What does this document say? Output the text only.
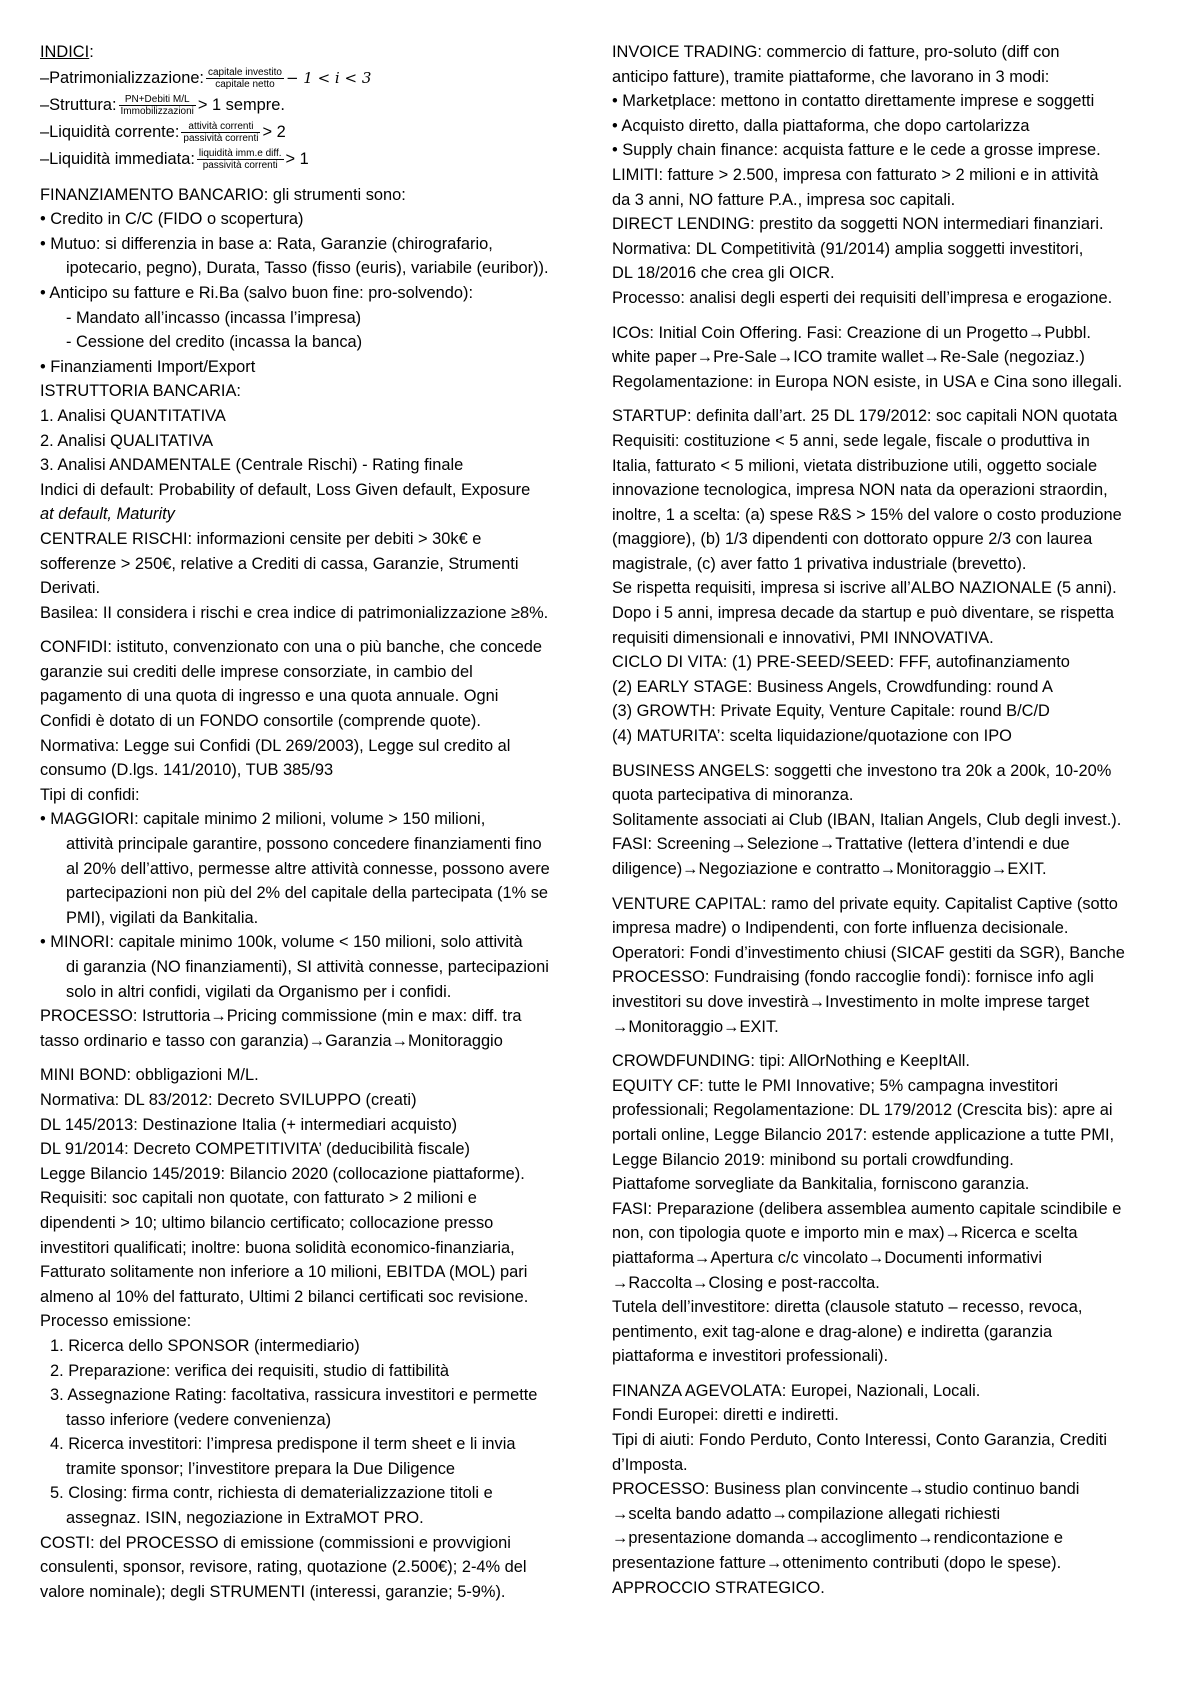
INDICI:
–Patrimonializzazione: $\frac{\text{capitale investito}}{\text{capitale netto}} - 1 < i < 3$
–Struttura: $\frac{\text{PN+Debiti M/L}}{\text{Immobilizzazioni}} > 1$ sempre.
–Liquidità corrente: $\frac{\text{attività correnti}}{\text{passività correnti}} > 2$
–Liquidità immediata: $\frac{\text{liquidità imm.e diff.}}{\text{passività correnti}} > 1$
FINANZIAMENTO BANCARIO: gli strumenti sono:
• Credito in C/C (FIDO o scopertura)
• Mutuo: si differenzia in base a: Rata, Garanzie (chirografario,
ipotecario, pegno), Durata, Tasso (fisso (euris), variabile (euribor)).
• Anticipo su fatture e Ri.Ba (salvo buon fine: pro-solvendo):
- Mandato all’incasso (incassa l’impresa)
- Cessione del credito (incassa la banca)
• Finanziamenti Import/Export
ISTRUTTORIA BANCARIA:
1. Analisi QUANTITATIVA
2. Analisi QUALITATIVA
3. Analisi ANDAMENTALE (Centrale Rischi) - Rating finale
Indici di default: Probability of default, Loss Given default, Exposure
at default, Maturity
CENTRALE RISCHI: informazioni censite per debiti > 30k€ e
sofferenze > 250€, relative a Crediti di cassa, Garanzie, Strumenti
Derivati.
Basilea: II considera i rischi e crea indice di patrimonializzazione ≥8%.
CONFIDI: istituto, convenzionato con una o più banche, che concede
garanzie sui crediti delle imprese consorziate, in cambio del
pagamento di una quota di ingresso e una quota annuale. Ogni
Confidi è dotato di un FONDO consortile (comprende quote).
Normativa: Legge sui Confidi (DL 269/2003), Legge sul credito al
consumo (D.lgs. 141/2010), TUB 385/93
Tipi di confidi:
• MAGGIORI: capitale minimo 2 milioni, volume > 150 milioni,
attività principale garantire, possono concedere finanziamenti fino
al 20% dell’attivo, permesse altre attività connesse, possono avere
partecipazioni non più del 2% del capitale della partecipata (1% se
PMI), vigilati da Bankitalia.
• MINORI: capitale minimo 100k, volume < 150 milioni, solo attività
di garanzia (NO finanziamenti), SI attività connesse, partecipazioni
solo in altri confidi, vigilati da Organismo per i confidi.
PROCESSO: Istruttoria→Pricing commissione (min e max: diff. tra
tasso ordinario e tasso con garanzia)→Garanzia→Monitoraggio
MINI BOND: obbligazioni M/L.
Normativa: DL 83/2012: Decreto SVILUPPO (creati)
DL 145/2013: Destinazione Italia (+ intermediari acquisto)
DL 91/2014: Decreto COMPETITIVITA’ (deducibilità fiscale)
Legge Bilancio 145/2019: Bilancio 2020 (collocazione piattaforme).
Requisiti: soc capitali non quotate, con fatturato > 2 milioni e
dipendenti > 10; ultimo bilancio certificato; collocazione presso
investitori qualificati; inoltre: buona solidità economico-finanziaria,
Fatturato solitamente non inferiore a 10 milioni, EBITDA (MOL) pari
almeno al 10% del fatturato, Ultimi 2 bilanci certificati soc revisione.
Processo emissione:
1. Ricerca dello SPONSOR (intermediario)
2. Preparazione: verifica dei requisiti, studio di fattibilità
3. Assegnazione Rating: facoltativa, rassicura investitori e permette
tasso inferiore (vedere convenienza)
4. Ricerca investitori: l’impresa predispone il term sheet e li invia
tramite sponsor; l’investitore prepara la Due Diligence
5. Closing: firma contr, richiesta di dematerializzazione titoli e
assegnaz. ISIN, negoziazione in ExtraMOT PRO.
COSTI: del PROCESSO di emissione (commissioni e provvigioni
consulenti, sponsor, revisore, rating, quotazione (2.500€); 2-4% del
valore nominale); degli STRUMENTI (interessi, garanzie; 5-9%).
INVOICE TRADING: commercio di fatture, pro-soluto (diff con
anticipo fatture), tramite piattaforme, che lavorano in 3 modi:
• Marketplace: mettono in contatto direttamente imprese e soggetti
• Acquisto diretto, dalla piattaforma, che dopo cartolarizza
• Supply chain finance: acquista fatture e le cede a grosse imprese.
LIMITI: fatture > 2.500, impresa con fatturato > 2 milioni e in attività
da 3 anni, NO fatture P.A., impresa soc capitali.
DIRECT LENDING: prestito da soggetti NON intermediari finanziari.
Normativa: DL Competitività (91/2014) amplia soggetti investitori,
DL 18/2016 che crea gli OICR.
Processo: analisi degli esperti dei requisiti dell’impresa e erogazione.
ICOs: Initial Coin Offering. Fasi: Creazione di un Progetto→Pubbl.
white paper→Pre-Sale→ICO tramite wallet→Re-Sale (negoziaz.)
Regolamentazione: in Europa NON esiste, in USA e Cina sono illegali.
STARTUP: definita dall’art. 25 DL 179/2012: soc capitali NON quotata
Requisiti: costituzione < 5 anni, sede legale, fiscale o produttiva in
Italia, fatturato < 5 milioni, vietata distribuzione utili, oggetto sociale
innovazione tecnologica, impresa NON nata da operazioni straordin,
inoltre, 1 a scelta: (a) spese R&S > 15% del valore o costo produzione
(maggiore), (b) 1/3 dipendenti con dottorato oppure 2/3 con laurea
magistrale, (c) aver fatto 1 privativa industriale (brevetto).
Se rispetta requisiti, impresa si iscrive all’ALBO NAZIONALE (5 anni).
Dopo i 5 anni, impresa decade da startup e può diventare, se rispetta
requisiti dimensionali e innovativi, PMI INNOVATIVA.
CICLO DI VITA: (1) PRE-SEED/SEED: FFF, autofinanziamento
(2) EARLY STAGE: Business Angels, Crowdfunding: round A
(3) GROWTH: Private Equity, Venture Capitale: round B/C/D
(4) MATURITA’: scelta liquidazione/quotazione con IPO
BUSINESS ANGELS: soggetti che investono tra 20k a 200k, 10-20%
quota partecipativa di minoranza.
Solitamente associati ai Club (IBAN, Italian Angels, Club degli invest.).
FASI: Screening→Selezione→Trattative (lettera d’intendi e due
diligence)→Negoziazione e contratto→Monitoraggio→EXIT.
VENTURE CAPITAL: ramo del private equity. Capitalist Captive (sotto
impresa madre) o Indipendenti, con forte influenza decisionale.
Operatori: Fondi d’investimento chiusi (SICAF gestiti da SGR), Banche
PROCESSO: Fundraising (fondo raccoglie fondi): fornisce info agli
investitori su dove investirà→Investimento in molte imprese target
→Monitoraggio→EXIT.
CROWDFUNDING: tipi: AllOrNothing e KeepItAll.
EQUITY CF: tutte le PMI Innovative; 5% campagna investitori
professionali; Regolamentazione: DL 179/2012 (Crescita bis): apre ai
portali online, Legge Bilancio 2017: estende applicazione a tutte PMI,
Legge Bilancio 2019: minibond su portali crowdfunding.
Piattafome sorvegliate da Bankitalia, forniscono garanzia.
FASI: Preparazione (delibera assemblea aumento capitale scindibile e
non, con tipologia quote e importo min e max)→Ricerca e scelta
piattaforma→Apertura c/c vincolato→Documenti informativi
→Raccolta→Closing e post-raccolta.
Tutela dell’investitore: diretta (clausole statuto – recesso, revoca,
pentimento, exit tag-alone e drag-alone) e indiretta (garanzia
piattaforma e investitori professionali).
FINANZA AGEVOLATA: Europei, Nazionali, Locali.
Fondi Europei: diretti e indiretti.
Tipi di aiuti: Fondo Perduto, Conto Interessi, Conto Garanzia, Crediti
d’Imposta.
PROCESSO: Business plan convincente→studio continuo bandi
→scelta bando adatto→compilazione allegati richiesti
→presentazione domanda→accoglimento→rendicontazione e
presentazione fatture→ottenimento contributi (dopo le spese).
APPROCCIO STRATEGICO.
